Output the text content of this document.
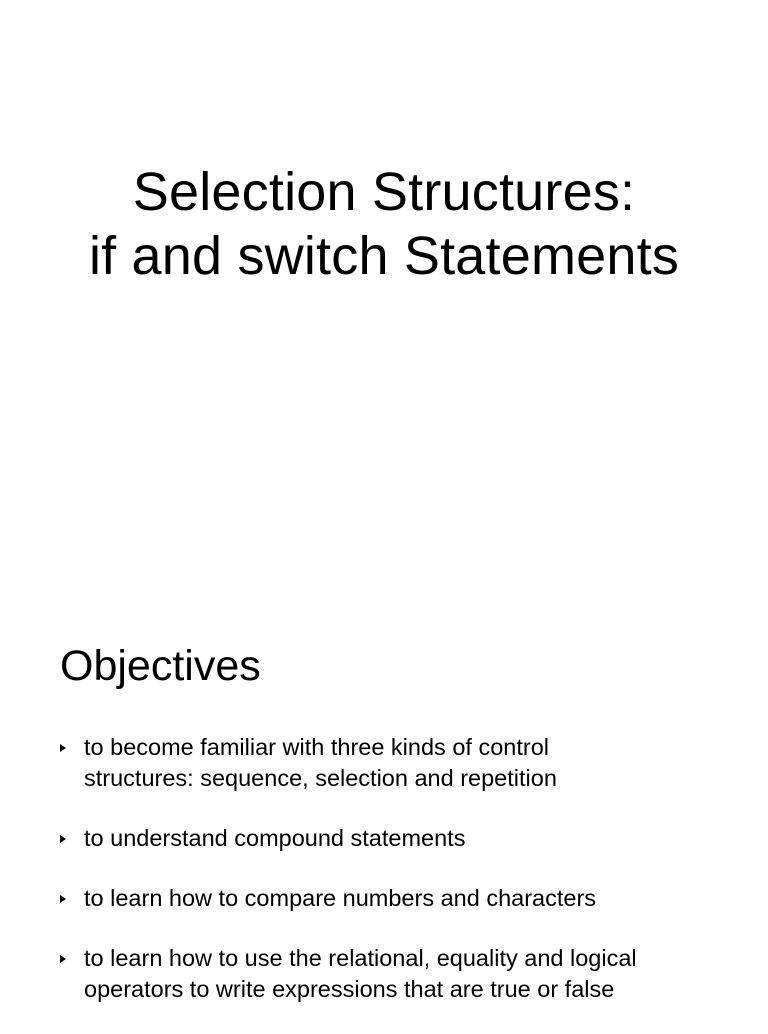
Selection Structures:
if and switch Statements
Objectives
to become familiar with three kinds of control
structures: sequence, selection and repetition
to understand compound statements
to learn how to compare numbers and characters
to learn how to use the relational, equality and logical
operators to write expressions that are true or false
